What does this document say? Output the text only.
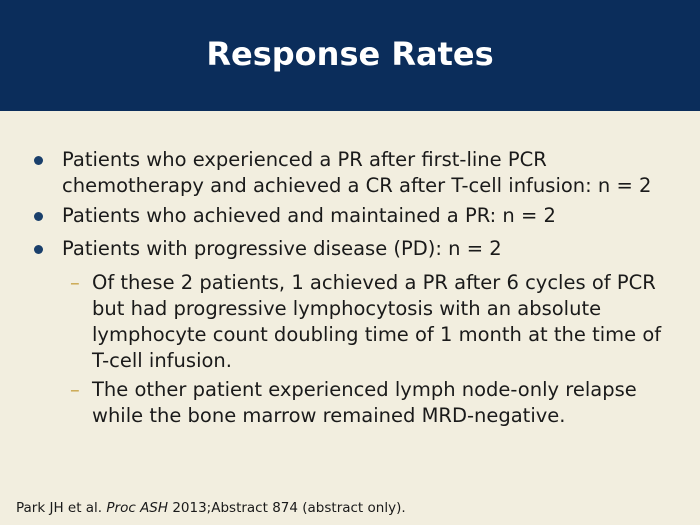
Response Rates
Patients who experienced a PR after first-line PCR chemotherapy and achieved a CR after T-cell infusion: n = 2
Patients who achieved and maintained a PR: n = 2
Patients with progressive disease (PD): n = 2
– Of these 2 patients, 1 achieved a PR after 6 cycles of PCR but had progressive lymphocytosis with an absolute lymphocyte count doubling time of 1 month at the time of T-cell infusion.
– The other patient experienced lymph node-only relapse while the bone marrow remained MRD-negative.
Park JH et al. Proc ASH 2013;Abstract 874 (abstract only).
